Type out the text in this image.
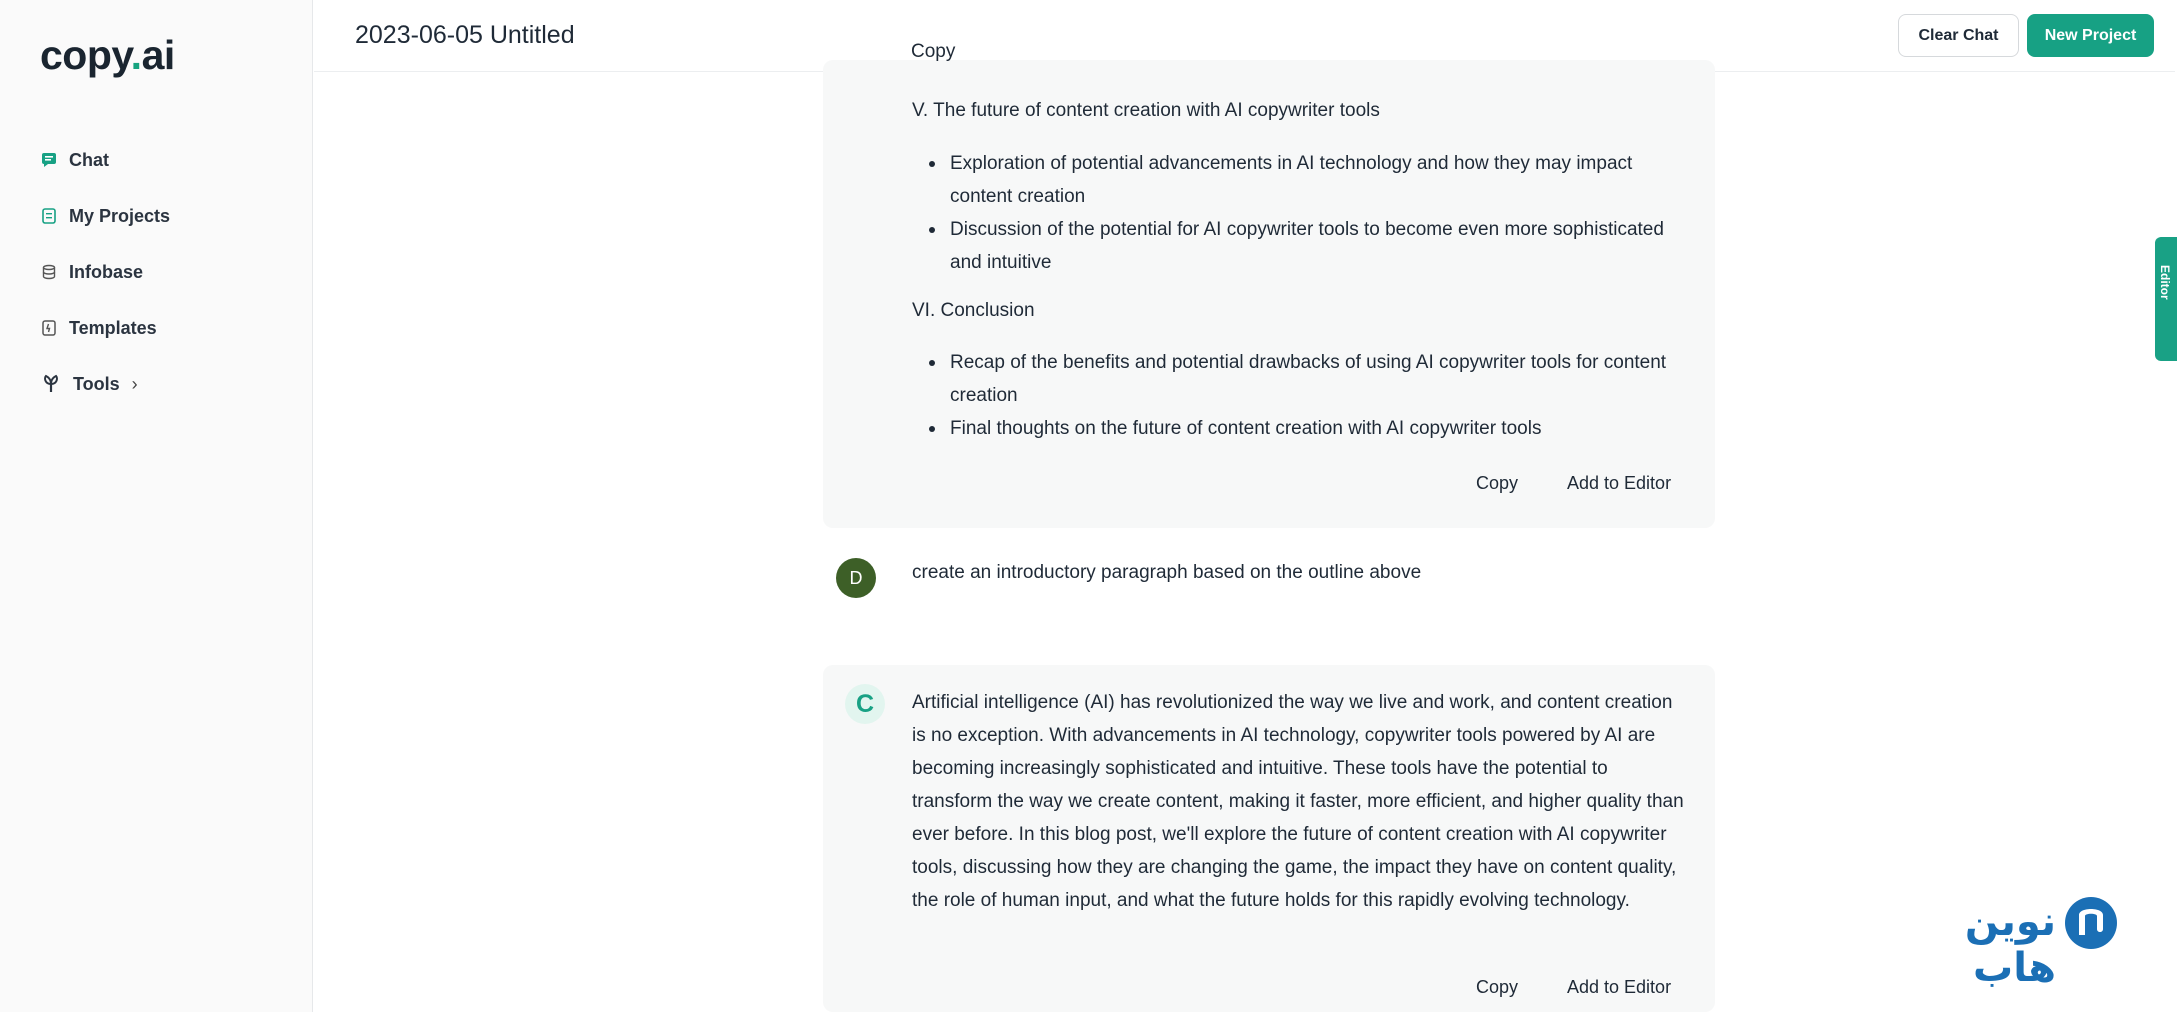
copy.ai
Chat
My Projects
Infobase
Templates
Tools ›
2023-06-05 Untitled	Clear Chat	New Project
Editor
Copy
V. The future of content creation with AI copywriter tools
Exploration of potential advancements in AI technology and how they may impact content creation
Discussion of the potential for AI copywriter tools to become even more sophisticated and intuitive
VI. Conclusion
Recap of the benefits and potential drawbacks of using AI copywriter tools for content creation
Final thoughts on the future of content creation with AI copywriter tools
Copy	Add to Editor
D	create an introductory paragraph based on the outline above
C	Artificial intelligence (AI) has revolutionized the way we live and work, and content creation is no exception. With advancements in AI technology, copywriter tools powered by AI are becoming increasingly sophisticated and intuitive. These tools have the potential to transform the way we create content, making it faster, more efficient, and higher quality than ever before. In this blog post, we'll explore the future of content creation with AI copywriter tools, discussing how they are changing the game, the impact they have on content quality, the role of human input, and what the future holds for this rapidly evolving technology.
Copy	Add to Editor
نوین هاب
